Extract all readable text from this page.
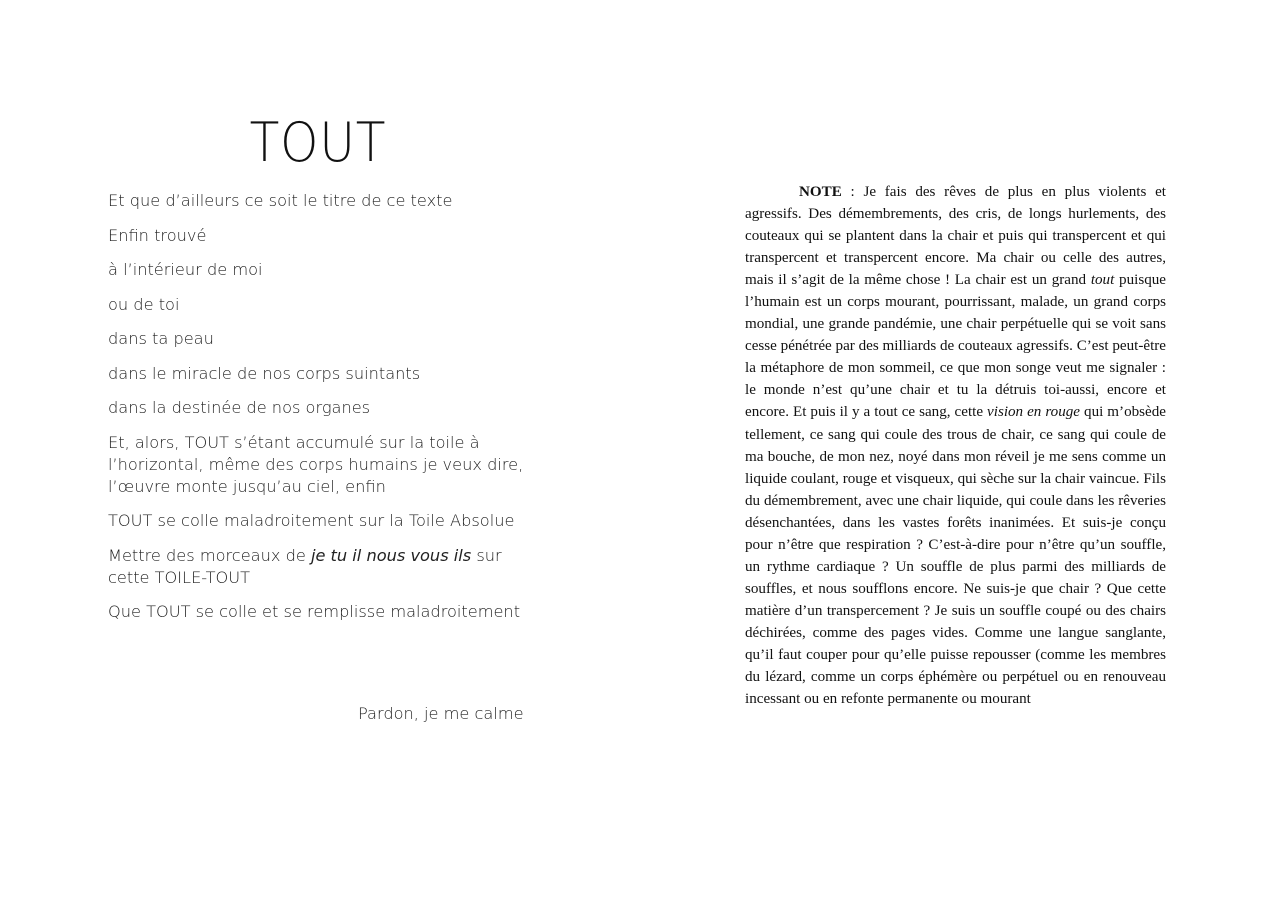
TOUT

Et que d’ailleurs ce soit le titre de ce texte

Enfin trouvé

à l’intérieur de moi

ou de toi

dans ta peau

dans le miracle de nos corps suintants

dans la destinée de nos organes

Et, alors, TOUT s’étant accumulé sur la toile à l’horizontal, même des corps humains je veux dire, l’œuvre monte jusqu’au ciel, enfin

TOUT se colle maladroitement sur la Toile Absolue

Mettre des morceaux de je tu il nous vous ils sur cette TOILE-TOUT

Que TOUT se colle et se remplisse maladroitement

Pardon, je me calme

NOTE : Je fais des rêves de plus en plus violents et agressifs. Des démembrements, des cris, de longs hurlements, des couteaux qui se plantent dans la chair et puis qui transpercent et qui transpercent et transpercent encore. Ma chair ou celle des autres, mais il s’agit de la même chose ! La chair est un grand tout puisque l’humain est un corps mourant, pourrissant, malade, un grand corps mondial, une grande pandémie, une chair perpétuelle qui se voit sans cesse pénétrée par des milliards de couteaux agressifs. C’est peut-être la métaphore de mon sommeil, ce que mon songe veut me signaler : le monde n’est qu’une chair et tu la détruis toi-aussi, encore et encore. Et puis il y a tout ce sang, cette vision en rouge qui m’obsède tellement, ce sang qui coule des trous de chair, ce sang qui coule de ma bouche, de mon nez, noyé dans mon réveil je me sens comme un liquide coulant, rouge et visqueux, qui sèche sur la chair vaincue. Fils du démembrement, avec une chair liquide, qui coule dans les rêveries désenchantées, dans les vastes forêts inanimées. Et suis-je conçu pour n’être que respiration ? C’est-à-dire pour n’être qu’un souffle, un rythme cardiaque ? Un souffle de plus parmi des milliards de souffles, et nous soufflons encore. Ne suis-je que chair ? Que cette matière d’un transpercement ? Je suis un souffle coupé ou des chairs déchirées, comme des pages vides. Comme une langue sanglante, qu’il faut couper pour qu’elle puisse repousser (comme les membres du lézard, comme un corps éphémère ou perpétuel ou en renouveau incessant ou en refonte permanente ou mourant
